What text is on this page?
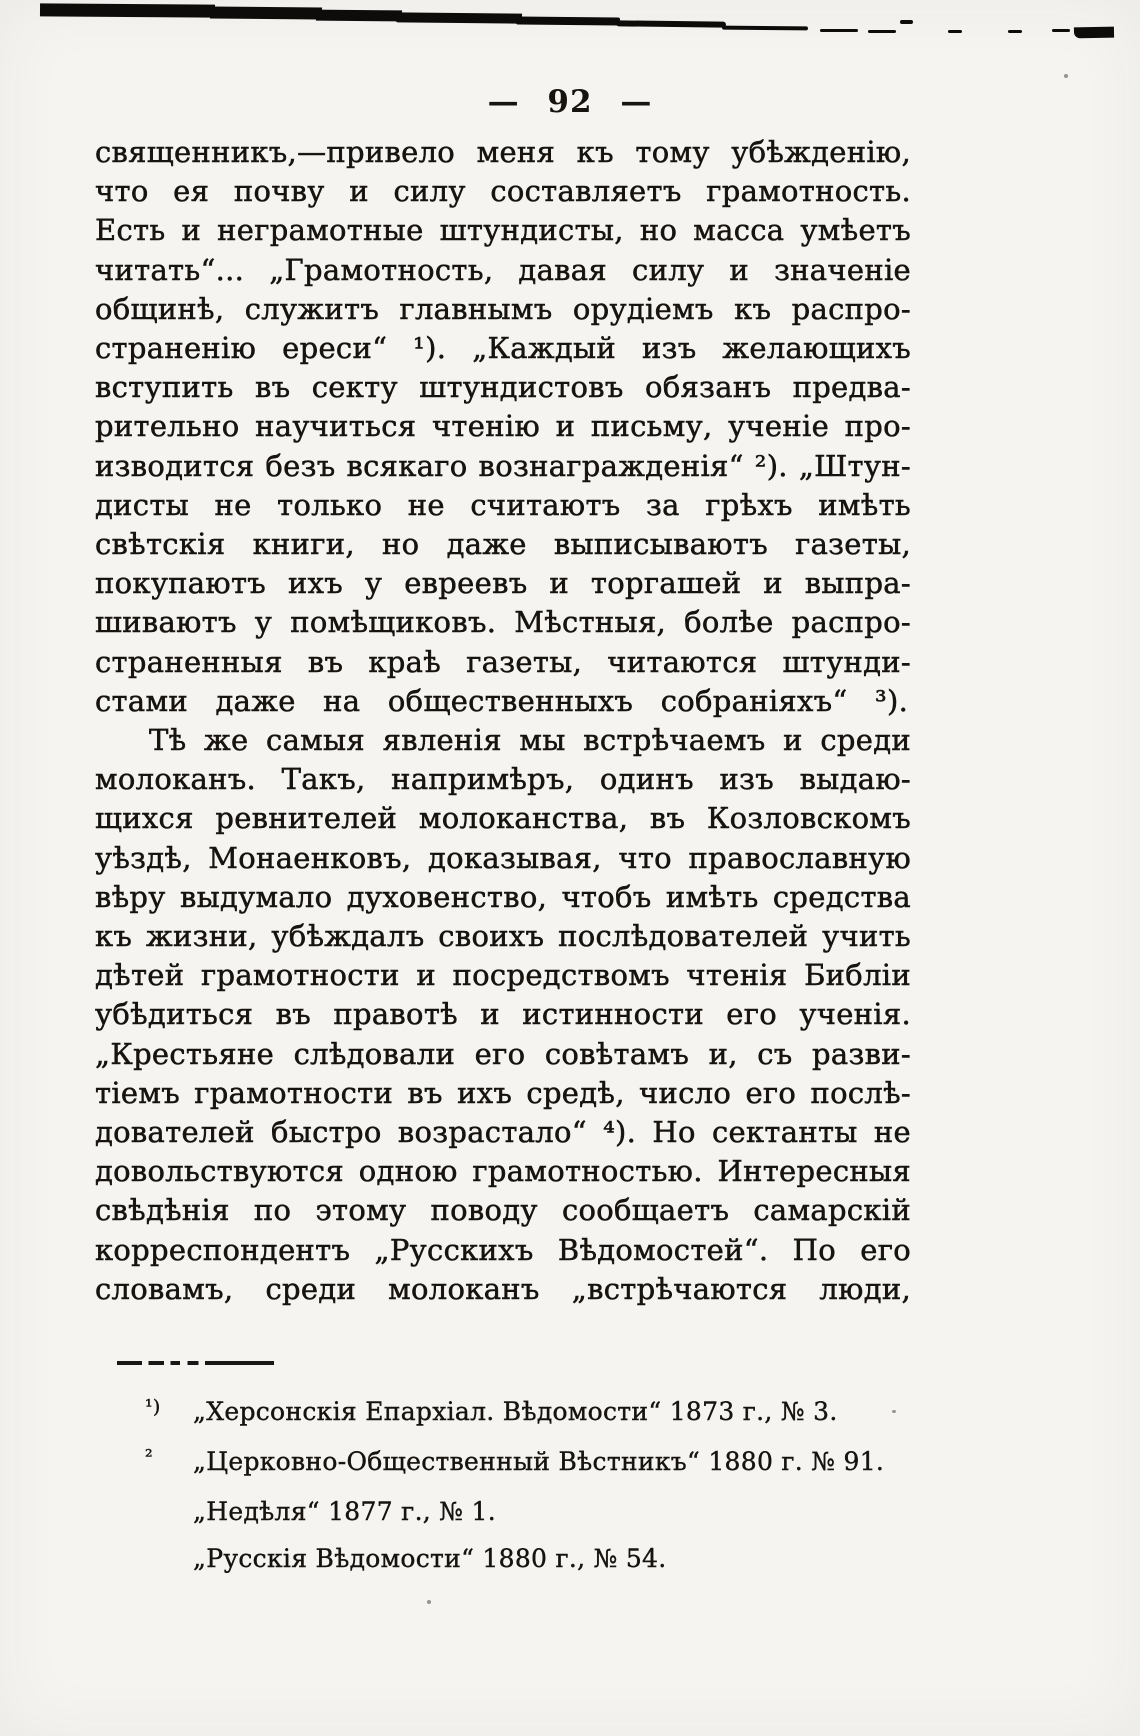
— 92 —
священникъ,—привело меня къ тому убѣжденію,
что ея почву и силу составляетъ грамотность.
Есть и неграмотные штундисты, но масса умѣетъ
читать“... „Грамотность, давая силу и значеніе
общинѣ, служитъ главнымъ орудіемъ къ распро-
страненію ереси“ ¹). „Каждый изъ желающихъ
вступить въ секту штундистовъ обязанъ предва-
рительно научиться чтенію и письму, ученіе про-
изводится безъ всякаго вознагражденія“ ²). „Штун-
дисты не только не считаютъ за грѣхъ имѣть
свѣтскія книги, но даже выписываютъ газеты,
покупаютъ ихъ у евреевъ и торгашей и выпра-
шиваютъ у помѣщиковъ. Мѣстныя, болѣе распро-
страненныя въ краѣ газеты, читаются штунди-
стами даже на общественныхъ собраніяхъ“ ³).
Тѣ же самыя явленія мы встрѣчаемъ и среди
молоканъ. Такъ, напримѣръ, одинъ изъ выдаю-
щихся ревнителей молоканства, въ Козловскомъ
уѣздѣ, Монаенковъ, доказывая, что православную
вѣру выдумало духовенство, чтобъ имѣть средства
къ жизни, убѣждалъ своихъ послѣдователей учить
дѣтей грамотности и посредствомъ чтенія Библіи
убѣдиться въ правотѣ и истинности его ученія.
„Крестьяне слѣдовали его совѣтамъ и, съ разви-
тіемъ грамотности въ ихъ средѣ, число его послѣ-
дователей быстро возрастало“ ⁴). Но сектанты не
довольствуются одною грамотностью. Интересныя
свѣдѣнія по этому поводу сообщаетъ самарскій
корреспондентъ „Русскихъ Вѣдомостей“. По его
словамъ, среди молоканъ „встрѣчаются люди,
¹)	„Херсонскія Епархіал. Вѣдомости“ 1873 г., № 3.
²	„Церковно-Общественный Вѣстникъ“ 1880 г. № 91.
„Недѣля“ 1877 г., № 1.
„Русскія Вѣдомости“ 1880 г., № 54.
